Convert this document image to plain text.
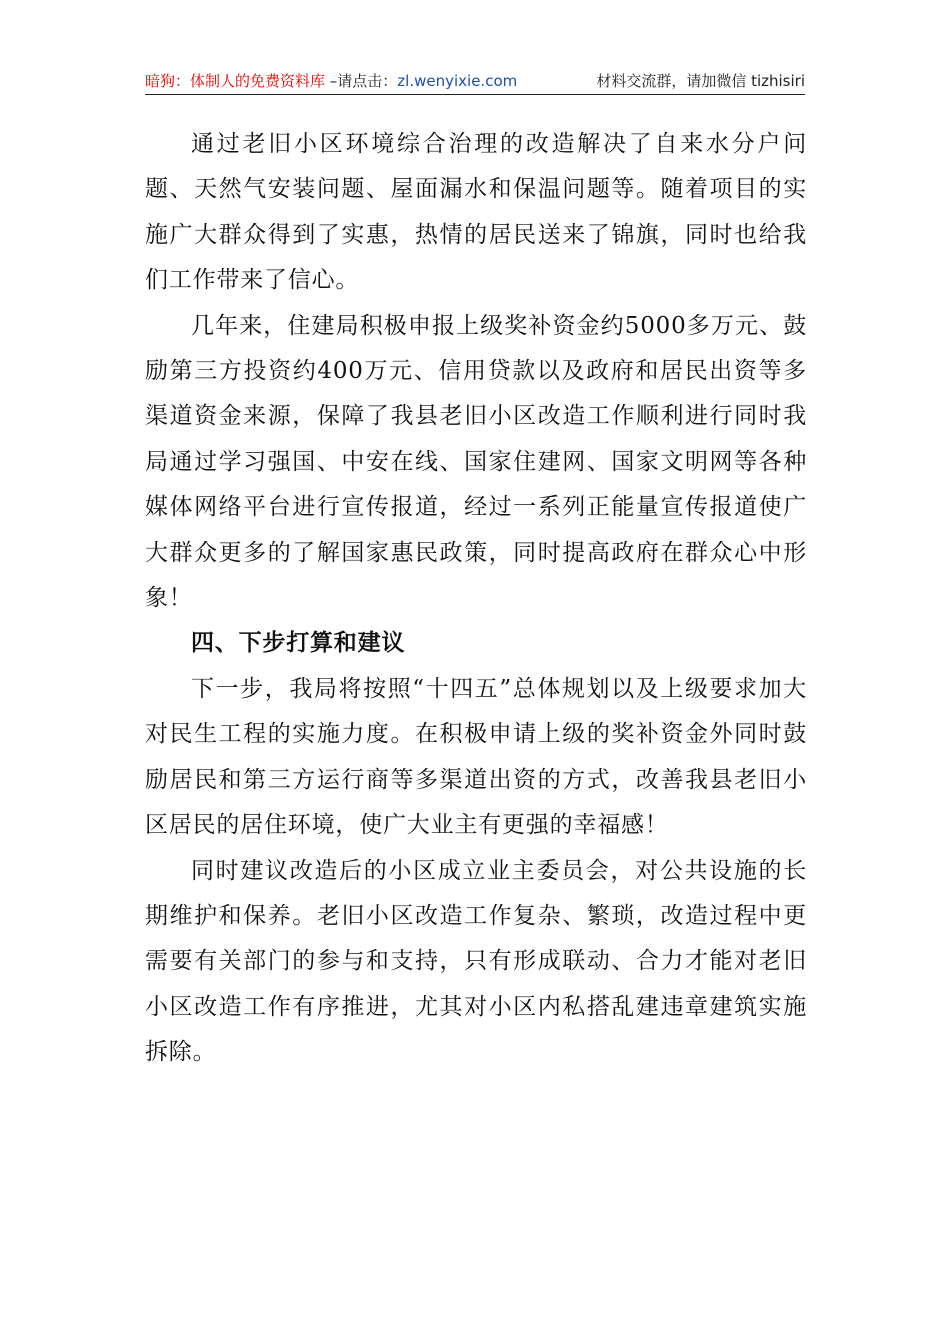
暗狗：体制人的免费资料库 –请点击：zl.wenyixie.com	材料交流群，请加微信 tizhisiri

通过老旧小区环境综合治理的改造解决了自来水分户问题、天然气安装问题、屋面漏水和保温问题等。随着项目的实施广大群众得到了实惠，热情的居民送来了锦旗，同时也给我们工作带来了信心。

几年来，住建局积极申报上级奖补资金约5000多万元、鼓励第三方投资约400万元、信用贷款以及政府和居民出资等多渠道资金来源，保障了我县老旧小区改造工作顺利进行同时我局通过学习强国、中安在线、国家住建网、国家文明网等各种媒体网络平台进行宣传报道，经过一系列正能量宣传报道使广大群众更多的了解国家惠民政策，同时提高政府在群众心中形象！

四、下步打算和建议

下一步，我局将按照“十四五”总体规划以及上级要求加大对民生工程的实施力度。在积极申请上级的奖补资金外同时鼓励居民和第三方运行商等多渠道出资的方式，改善我县老旧小区居民的居住环境，使广大业主有更强的幸福感！

同时建议改造后的小区成立业主委员会，对公共设施的长期维护和保养。老旧小区改造工作复杂、繁琐，改造过程中更需要有关部门的参与和支持，只有形成联动、合力才能对老旧小区改造工作有序推进，尤其对小区内私搭乱建违章建筑实施拆除。
